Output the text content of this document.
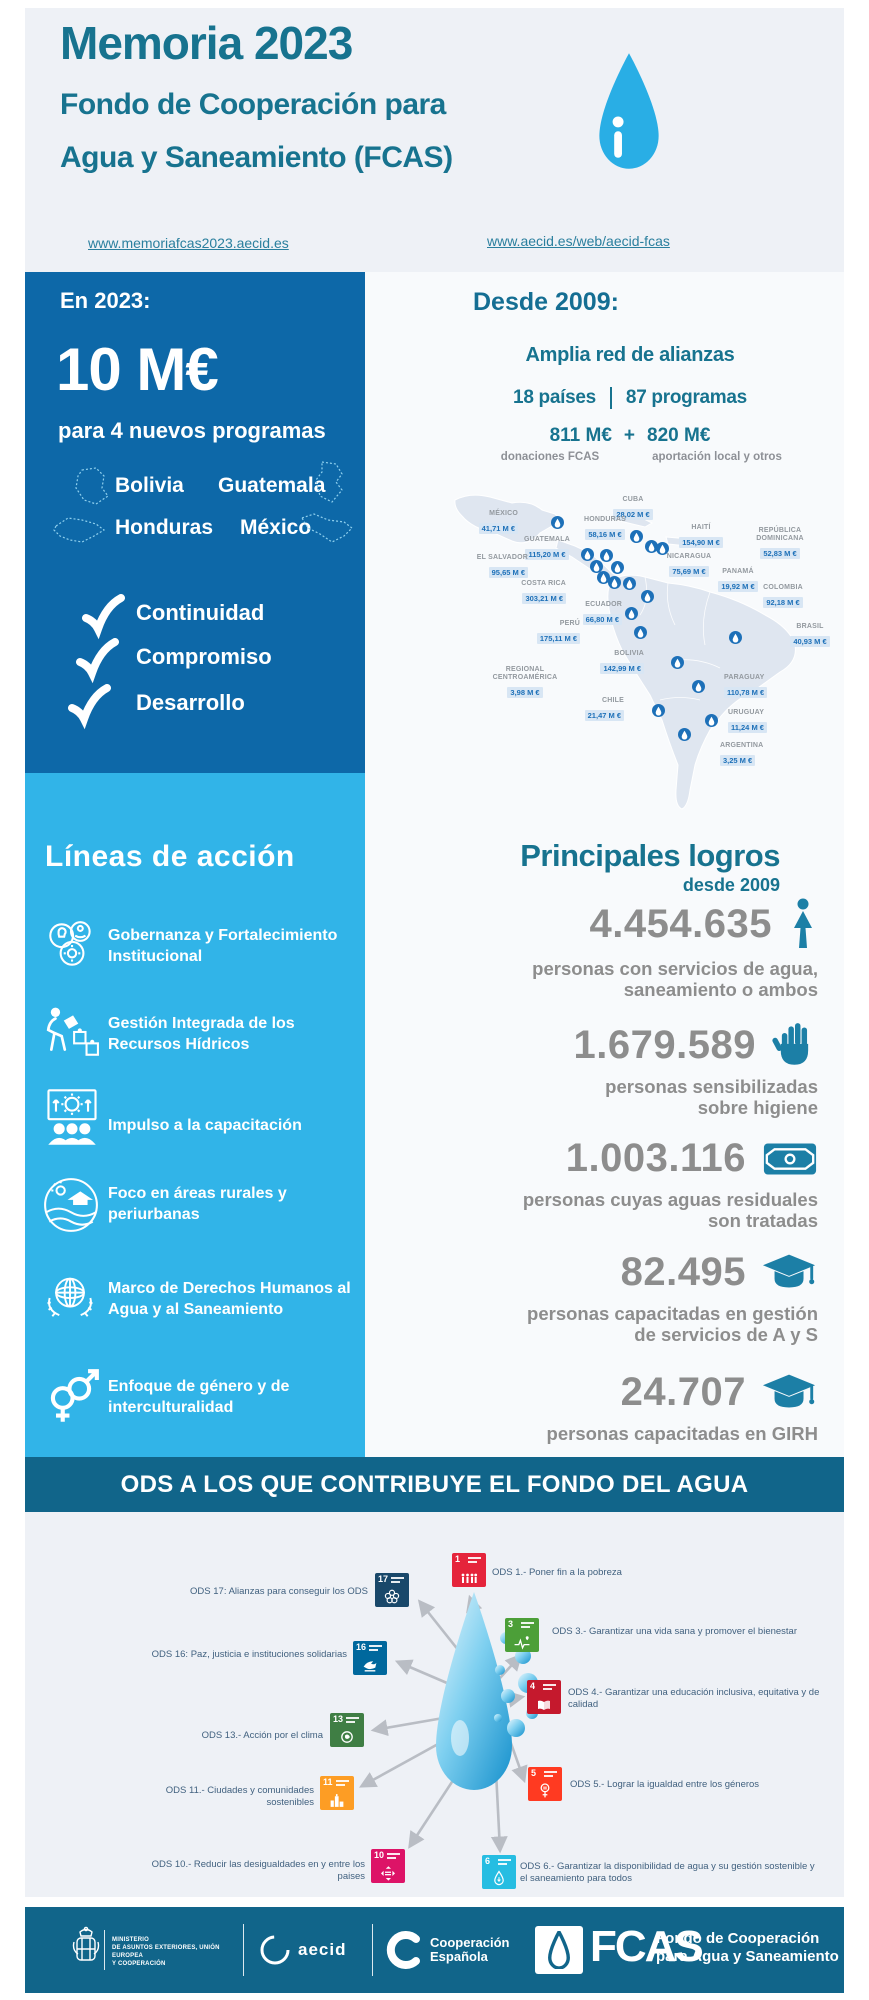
Memoria 2023
Fondo de Cooperación para
Agua y Saneamiento (FCAS)
www.memoriafcas2023.aecid.es	www.aecid.es/web/aecid-fcas
En 2023:
10 M€
para 4 nuevos programas
Bolivia Guatemala
Honduras México
Continuidad
Compromiso
Desarrollo
Líneas de acción
Gobernanza y Fortalecimiento Institucional
Gestión Integrada de los Recursos Hídricos
Impulso a la capacitación
Foco en áreas rurales y periurbanas
Marco de Derechos Humanos al Agua y al Saneamiento
Enfoque de género y de interculturalidad
Desde 2009:
Amplia red de alianzas
18 países 87 programas
811 M€ + 820 M€
donaciones FCAS	aportación local y otros
MÉXICO
41,71 M €
CUBA
28,02 M €
HONDURAS
58,16 M €
HAITÍ
154,90 M €
REPÚBLICA DOMINICANA
52,83 M €
GUATEMALA
115,20 M €	NICARAGUA
75,69 M €
EL SALVADOR
95,65 M €	PANAMÁ
19,92 M €
COSTA RICA
303,21 M €
COLOMBIA
92,18 M €
ECUADOR
66,80 M €
PERÚ
175,11 M €
BRASIL
40,93 M €
BOLIVIA
142,99 M €
REGIONAL CENTROAMÉRICA
3,98 M €
PARAGUAY
110,78 M €
CHILE
21,47 M €	URUGUAY
11,24 M €
ARGENTINA
3,25 M €
Principales logros
desde 2009
4.454.635
personas con servicios de agua, saneamiento o ambos
1.679.589
personas sensibilizadas sobre higiene
1.003.116
personas cuyas aguas residuales son tratadas
82.495
personas capacitadas en gestión de servicios de A y S
24.707
personas capacitadas en GIRH
ODS A LOS QUE CONTRIBUYE EL FONDO DEL AGUA
17
ODS 17: Alianzas para conseguir los ODS
16
ODS 16: Paz, justicia e instituciones solidarias
13
ODS 13.- Acción por el clima
11
ODS 11.- Ciudades y comunidades sostenibles
10
ODS 10.- Reducir las desigualdades en y entre los paises
1
ODS 1.- Poner fin a la pobreza
3
ODS 3.- Garantizar una vida sana y promover el bienestar
4
ODS 4.- Garantizar una educación inclusiva, equitativa y de calidad
5
ODS 5.- Lograr la igualdad entre los géneros
6	ODS 6.- Garantizar la disponibilidad de agua y su gestión sostenible y el saneamiento para todos
MINISTERIO
DE ASUNTOS EXTERIORES, UNIÓN EUROPEA
Y COOPERACIÓN
aecid	Cooperación
Española	FCAS
Fondo de Cooperación
para Agua y Saneamiento
